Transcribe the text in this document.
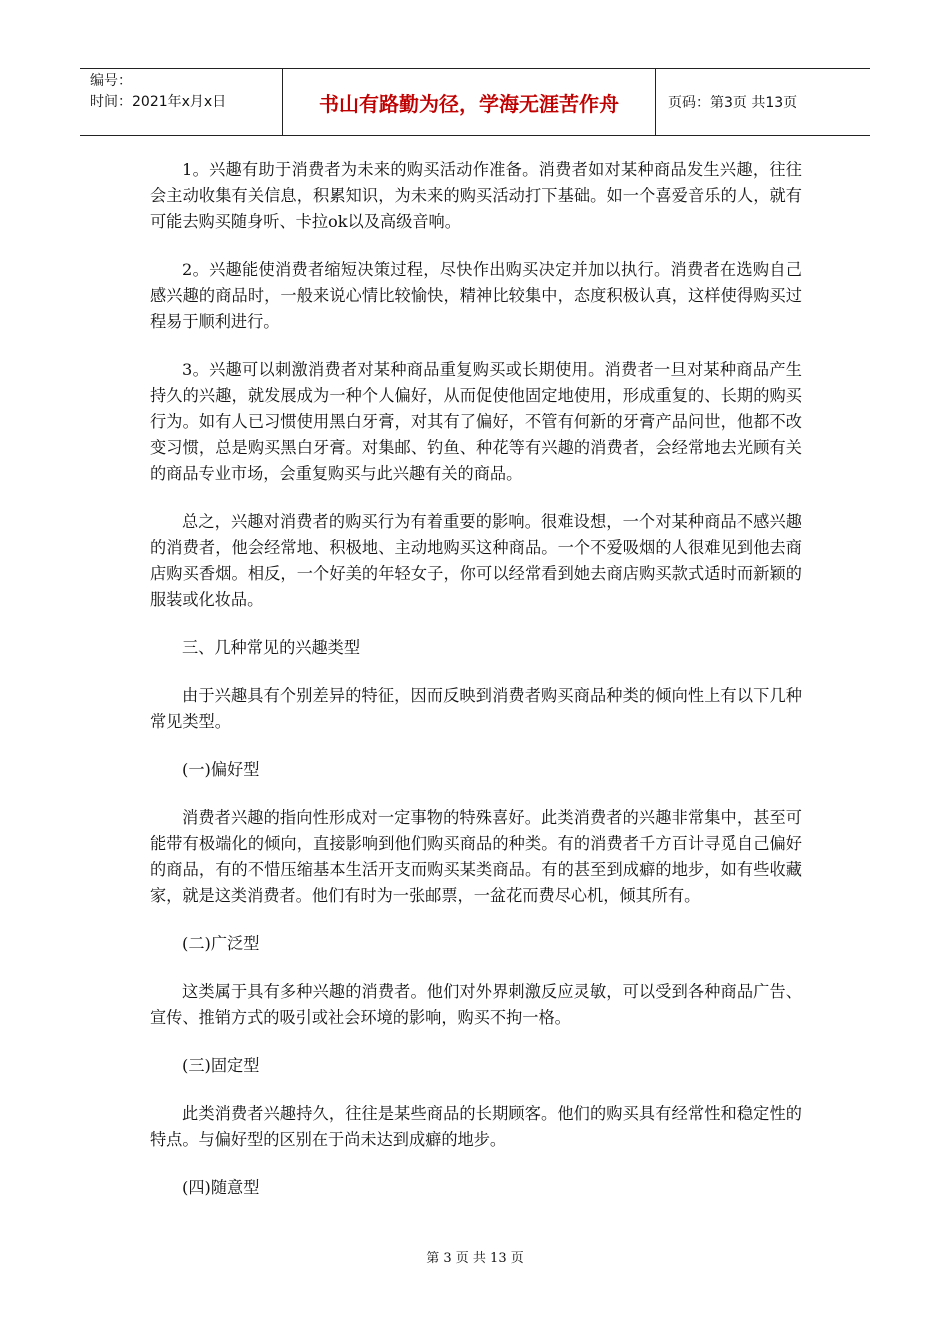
编号：
时间：2021年x月x日	书山有路勤为径，学海无涯苦作舟	页码：第3页 共13页

1。兴趣有助于消费者为未来的购买活动作准备。消费者如对某种商品发生兴趣，往往会主动收集有关信息，积累知识，为未来的购买活动打下基础。如一个喜爱音乐的人，就有可能去购买随身听、卡拉ok以及高级音响。

2。兴趣能使消费者缩短决策过程，尽快作出购买决定并加以执行。消费者在选购自己感兴趣的商品时，一般来说心情比较愉快，精神比较集中，态度积极认真，这样使得购买过程易于顺利进行。

3。兴趣可以刺激消费者对某种商品重复购买或长期使用。消费者一旦对某种商品产生持久的兴趣，就发展成为一种个人偏好，从而促使他固定地使用，形成重复的、长期的购买行为。如有人已习惯使用黑白牙膏，对其有了偏好，不管有何新的牙膏产品问世，他都不改变习惯，总是购买黑白牙膏。对集邮、钓鱼、种花等有兴趣的消费者，会经常地去光顾有关的商品专业市场，会重复购买与此兴趣有关的商品。

总之，兴趣对消费者的购买行为有着重要的影响。很难设想，一个对某种商品不感兴趣的消费者，他会经常地、积极地、主动地购买这种商品。一个不爱吸烟的人很难见到他去商店购买香烟。相反，一个好美的年轻女子，你可以经常看到她去商店购买款式适时而新颖的服装或化妆品。

三、几种常见的兴趣类型

由于兴趣具有个别差异的特征，因而反映到消费者购买商品种类的倾向性上有以下几种常见类型。

(一)偏好型

消费者兴趣的指向性形成对一定事物的特殊喜好。此类消费者的兴趣非常集中，甚至可能带有极端化的倾向，直接影响到他们购买商品的种类。有的消费者千方百计寻觅自己偏好的商品，有的不惜压缩基本生活开支而购买某类商品。有的甚至到成癖的地步，如有些收藏家，就是这类消费者。他们有时为一张邮票，一盆花而费尽心机，倾其所有。

(二)广泛型

这类属于具有多种兴趣的消费者。他们对外界刺激反应灵敏，可以受到各种商品广告、宣传、推销方式的吸引或社会环境的影响，购买不拘一格。

(三)固定型

此类消费者兴趣持久，往往是某些商品的长期顾客。他们的购买具有经常性和稳定性的特点。与偏好型的区别在于尚未达到成癖的地步。

(四)随意型

第 3 页 共 13 页
